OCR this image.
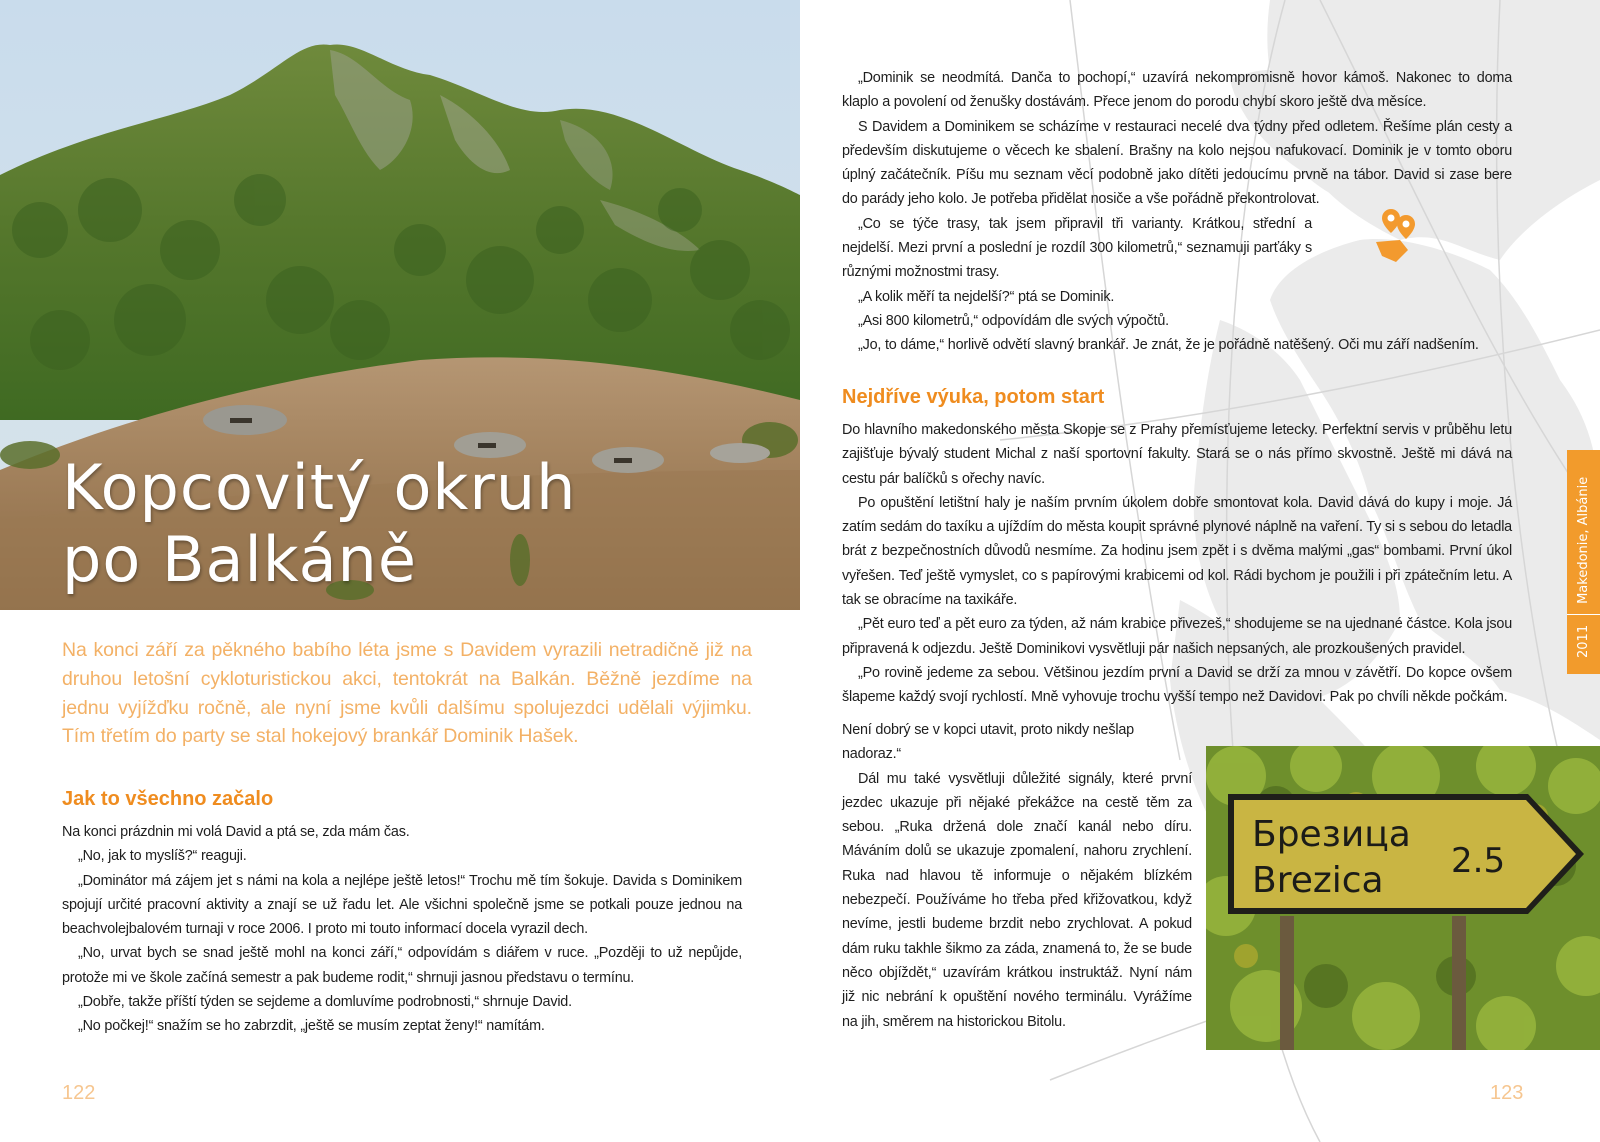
Kopcovitý okruh
po Balkáně

Na konci září za pěkného babího léta jsme s Davidem vyrazili netradičně již na druhou letošní cykloturistickou akci, tentokrát na Balkán. Běžně jezdíme na jednu vyjížďku ročně, ale nyní jsme kvůli dalšímu spolujezdci udělali výjimku. Tím třetím do party se stal hokejový brankář Dominik Hašek.

Jak to všechno začalo

Na konci prázdnin mi volá David a ptá se, zda mám čas.

„No, jak to myslíš?“ reaguji.

„Dominátor má zájem jet s námi na kola a nejlépe ještě letos!“ Trochu mě tím šokuje. Davida s Dominikem spojují určité pracovní aktivity a znají se už řadu let. Ale všichni společně jsme se potkali pouze jednou na beachvolejbalovém turnaji v roce 2006. I proto mi touto informací docela vyrazil dech.

„No, urvat bych se snad ještě mohl na konci září,“ odpovídám s diářem v ruce. „Později to už nepůjde, protože mi ve škole začíná semestr a pak budeme rodit,“ shrnuji jasnou představu o termínu.

„Dobře, takže příští týden se sejdeme a domluvíme podrobnosti,“ shrnuje David.

„No počkej!“ snažím se ho zabrzdit, „ještě se musím zeptat ženy!“ namítám.

122

„Dominik se neodmítá. Danča to pochopí,“ uzavírá nekompromisně hovor kámoš. Nakonec to doma klaplo a povolení od ženušky dostávám. Přece jenom do porodu chybí skoro ještě dva měsíce.

S Davidem a Dominikem se scházíme v restauraci necelé dva týdny před odletem. Řešíme plán cesty a především diskutujeme o věcech ke sbalení. Brašny na kolo nejsou nafukovací. Dominik je v tomto oboru úplný začátečník. Píšu mu seznam věcí podobně jako dítěti jedoucímu prvně na tábor. David si zase bere do parády jeho kolo. Je potřeba přidělat nosiče a vše pořádně překontrolovat.

„Co se týče trasy, tak jsem připravil tři varianty. Krátkou, střední a nejdelší. Mezi první a poslední je rozdíl 300 kilometrů,“ seznamuji parťáky s různými možnostmi trasy.

„A kolik měří ta nejdelší?“ ptá se Dominik.

„Asi 800 kilometrů,“ odpovídám dle svých výpočtů.

„Jo, to dáme,“ horlivě odvětí slavný brankář. Je znát, že je pořádně natěšený. Oči mu září nadšením.

Nejdříve výuka, potom start

Do hlavního makedonského města Skopje se z Prahy přemísťujeme letecky. Perfektní servis v průběhu letu zajišťuje bývalý student Michal z naší sportovní fakulty. Stará se o nás přímo skvostně. Ještě mi dává na cestu pár balíčků s ořechy navíc.

Po opuštění letištní haly je naším prvním úkolem dobře smontovat kola. David dává do kupy i moje. Já zatím sedám do taxíku a ujíždím do města koupit správné plynové náplně na vaření. Ty si s sebou do letadla brát z bezpečnostních důvodů nesmíme. Za hodinu jsem zpět i s dvěma malými „gas“ bombami. První úkol vyřešen. Teď ještě vymyslet, co s papírovými krabicemi od kol. Rádi bychom je použili i při zpátečním letu. A tak se obracíme na taxikáře.

„Pět euro teď a pět euro za týden, až nám krabice přivezeš,“ shodujeme se na ujednané částce. Kola jsou připravená k odjezdu. Ještě Dominikovi vysvětluji pár našich nepsaných, ale prozkoušených pravidel.

„Po rovině jedeme za sebou. Většinou jezdím první a David se drží za mnou v závětří. Do kopce ovšem šlapeme každý svojí rychlostí. Mně vyhovuje trochu vyšší tempo než Davidovi. Pak po chvíli někde počkám.

Není dobrý se v kopci utavit, proto nikdy nešlap

nadoraz.“

Dál mu také vysvětluji důležité signály, které první jezdec ukazuje při nějaké překážce na cestě těm za sebou. „Ruka držená dole značí kanál nebo díru. Máváním dolů se ukazuje zpomalení, nahoru zrychlení. Ruka nad hlavou tě informuje o nějakém blízkém nebezpečí. Používáme ho třeba před křižovatkou, když nevíme, jestli budeme brzdit nebo zrychlovat. A pokud dám ruku takhle šikmo za záda, znamená to, že se bude něco objíždět,“ uzavírám krátkou instruktáž. Nyní nám již nic nebrání k opuštění nového terminálu. Vyrážíme na jih, směrem na historickou Bitolu.

Брезица
Brezica 2.5
2011Makedonie, Albánie
123
